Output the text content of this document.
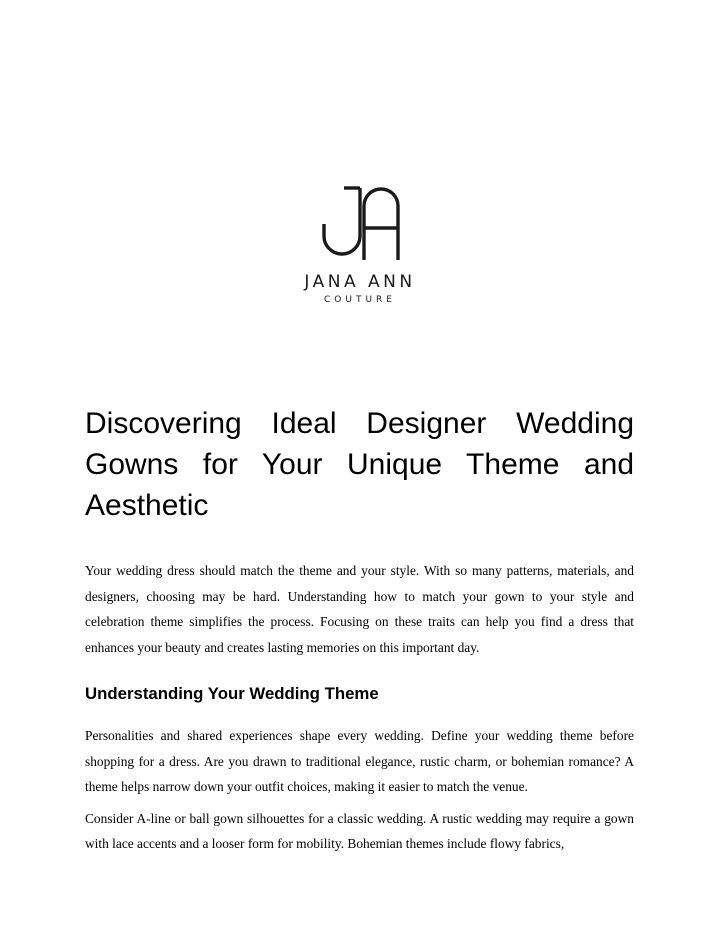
JANA ANN
COUTURE
Discovering Ideal Designer Wedding Gowns for Your Unique Theme and Aesthetic

Your wedding dress should match the theme and your style. With so many patterns, materials, and designers, choosing may be hard. Understanding how to match your gown to your style and celebration theme simplifies the process. Focusing on these traits can help you find a dress that enhances your beauty and creates lasting memories on this important day.

Understanding Your Wedding Theme

Personalities and shared experiences shape every wedding. Define your wedding theme before shopping for a dress. Are you drawn to traditional elegance, rustic charm, or bohemian romance? A theme helps narrow down your outfit choices, making it easier to match the venue.

Consider A-line or ball gown silhouettes for a classic wedding. A rustic wedding may require a gown with lace accents and a looser form for mobility. Bohemian themes include flowy fabrics,
